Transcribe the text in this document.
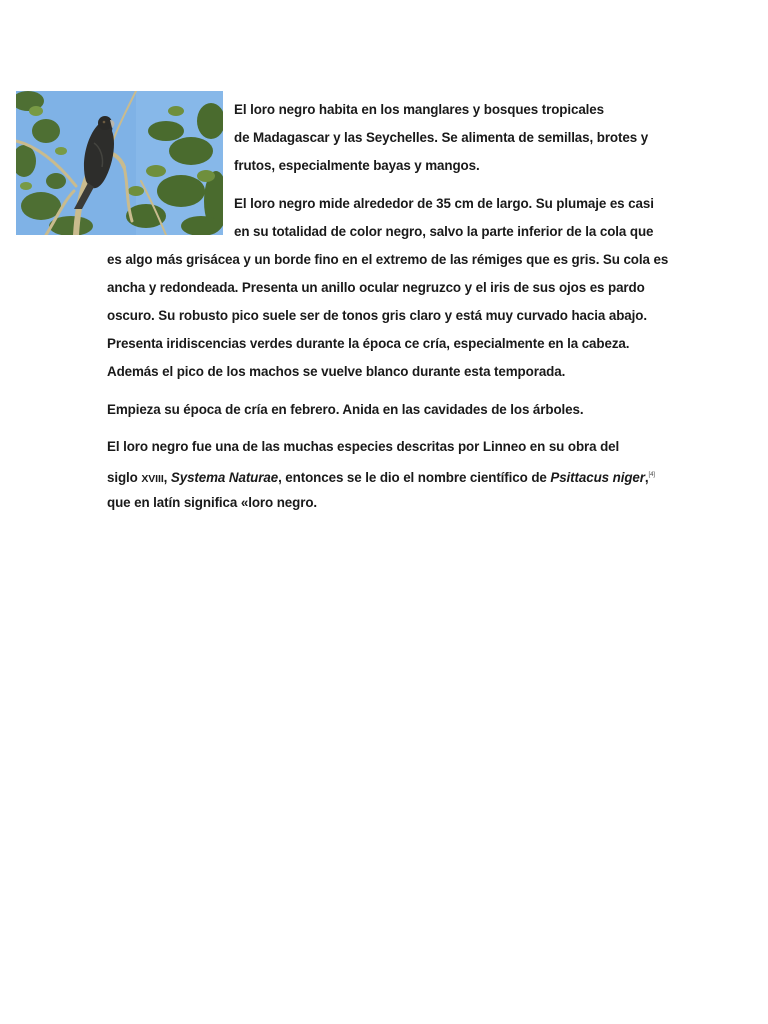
El loro negro habita en los manglares y bosques tropicales
de Madagascar y las Seychelles. Se alimenta de semillas, brotes y
frutos, especialmente bayas y mangos.
El loro negro mide alrededor de 35 cm de largo. Su plumaje es casi
en su totalidad de color negro, salvo la parte inferior de la cola que
es algo más grisácea y un borde fino en el extremo de las rémiges que es gris. Su cola es
ancha y redondeada. Presenta un anillo ocular negruzco y el iris de sus ojos es pardo
oscuro. Su robusto pico suele ser de tonos gris claro y está muy curvado hacia abajo.
Presenta iridiscencias verdes durante la época ce cría, especialmente en la cabeza.
Además el pico de los machos se vuelve blanco durante esta temporada.
Empieza su época de cría en febrero. Anida en las cavidades de los árboles.
El loro negro fue una de las muchas especies descritas por Linneo en su obra del
siglo XVIII, Systema Naturae, entonces se le dio el nombre científico de Psittacus niger,[4]
que en latín significa «loro negro.
